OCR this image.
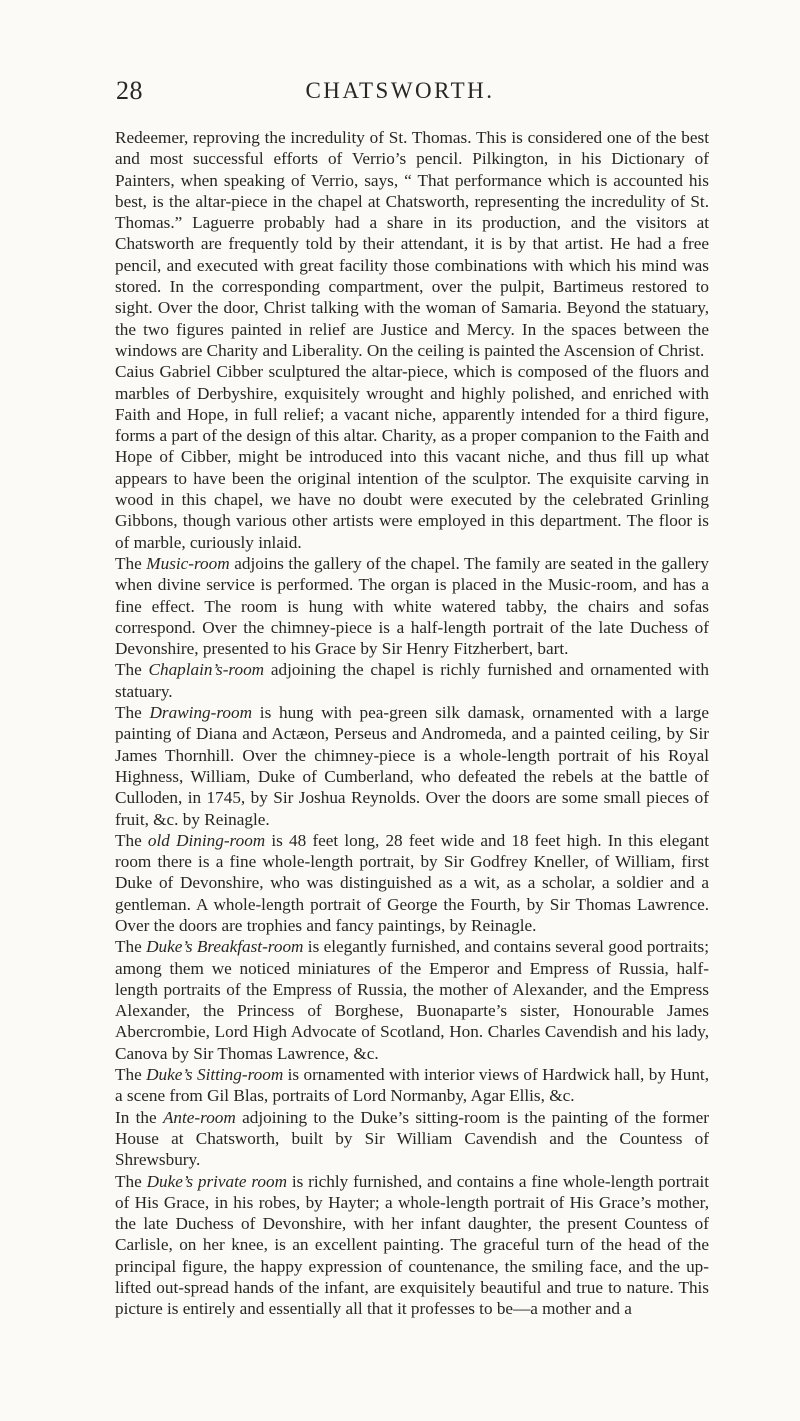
28	CHATSWORTH.

Redeemer, reproving the incredulity of St. Thomas. This is considered one of the best and most successful efforts of Verrio’s pencil. Pilkington, in his Dictionary of Painters, when speaking of Verrio, says, “ That performance which is accounted his best, is the altar-piece in the chapel at Chatsworth, representing the incredulity of St. Thomas.” Laguerre probably had a share in its production, and the visitors at Chatsworth are frequently told by their attendant, it is by that artist. He had a free pencil, and executed with great facility those combinations with which his mind was stored. In the corresponding compartment, over the pulpit, Bartimeus restored to sight. Over the door, Christ talking with the woman of Samaria. Beyond the statuary, the two figures painted in relief are Justice and Mercy. In the spaces between the windows are Charity and Liberality. On the ceiling is painted the Ascension of Christ.

Caius Gabriel Cibber sculptured the altar-piece, which is composed of the fluors and marbles of Derbyshire, exquisitely wrought and highly polished, and enriched with Faith and Hope, in full relief; a vacant niche, apparently intended for a third figure, forms a part of the design of this altar. Charity, as a proper companion to the Faith and Hope of Cibber, might be introduced into this vacant niche, and thus fill up what appears to have been the original intention of the sculptor. The exquisite carving in wood in this chapel, we have no doubt were executed by the celebrated Grinling Gibbons, though various other artists were employed in this department. The floor is of marble, curiously inlaid.

The Music-room adjoins the gallery of the chapel. The family are seated in the gallery when divine service is performed. The organ is placed in the Music-room, and has a fine effect. The room is hung with white watered tabby, the chairs and sofas correspond. Over the chimney-piece is a half-length portrait of the late Duchess of Devonshire, presented to his Grace by Sir Henry Fitzherbert, bart.

The Chaplain’s-room adjoining the chapel is richly furnished and ornamented with statuary.

The Drawing-room is hung with pea-green silk damask, ornamented with a large painting of Diana and Actæon, Perseus and Andromeda, and a painted ceiling, by Sir James Thornhill. Over the chimney-piece is a whole-length portrait of his Royal Highness, William, Duke of Cumberland, who defeated the rebels at the battle of Culloden, in 1745, by Sir Joshua Reynolds. Over the doors are some small pieces of fruit, &c. by Reinagle.

The old Dining-room is 48 feet long, 28 feet wide and 18 feet high. In this elegant room there is a fine whole-length portrait, by Sir Godfrey Kneller, of William, first Duke of Devonshire, who was distinguished as a wit, as a scholar, a soldier and a gentleman. A whole-length portrait of George the Fourth, by Sir Thomas Lawrence. Over the doors are trophies and fancy paintings, by Reinagle.

The Duke’s Breakfast-room is elegantly furnished, and contains several good portraits; among them we noticed miniatures of the Emperor and Empress of Russia, half-length portraits of the Empress of Russia, the mother of Alexander, and the Empress Alexander, the Princess of Borghese, Buonaparte’s sister, Honourable James Abercrombie, Lord High Advocate of Scotland, Hon. Charles Cavendish and his lady, Canova by Sir Thomas Lawrence, &c.

The Duke’s Sitting-room is ornamented with interior views of Hardwick hall, by Hunt, a scene from Gil Blas, portraits of Lord Normanby, Agar Ellis, &c.

In the Ante-room adjoining to the Duke’s sitting-room is the painting of the former House at Chatsworth, built by Sir William Cavendish and the Countess of Shrewsbury.

The Duke’s private room is richly furnished, and contains a fine whole-length portrait of His Grace, in his robes, by Hayter; a whole-length portrait of His Grace’s mother, the late Duchess of Devonshire, with her infant daughter, the present Countess of Carlisle, on her knee, is an excellent painting. The graceful turn of the head of the principal figure, the happy expression of countenance, the smiling face, and the up-lifted out-spread hands of the infant, are exquisitely beautiful and true to nature. This picture is entirely and essentially all that it professes to be—a mother and a
